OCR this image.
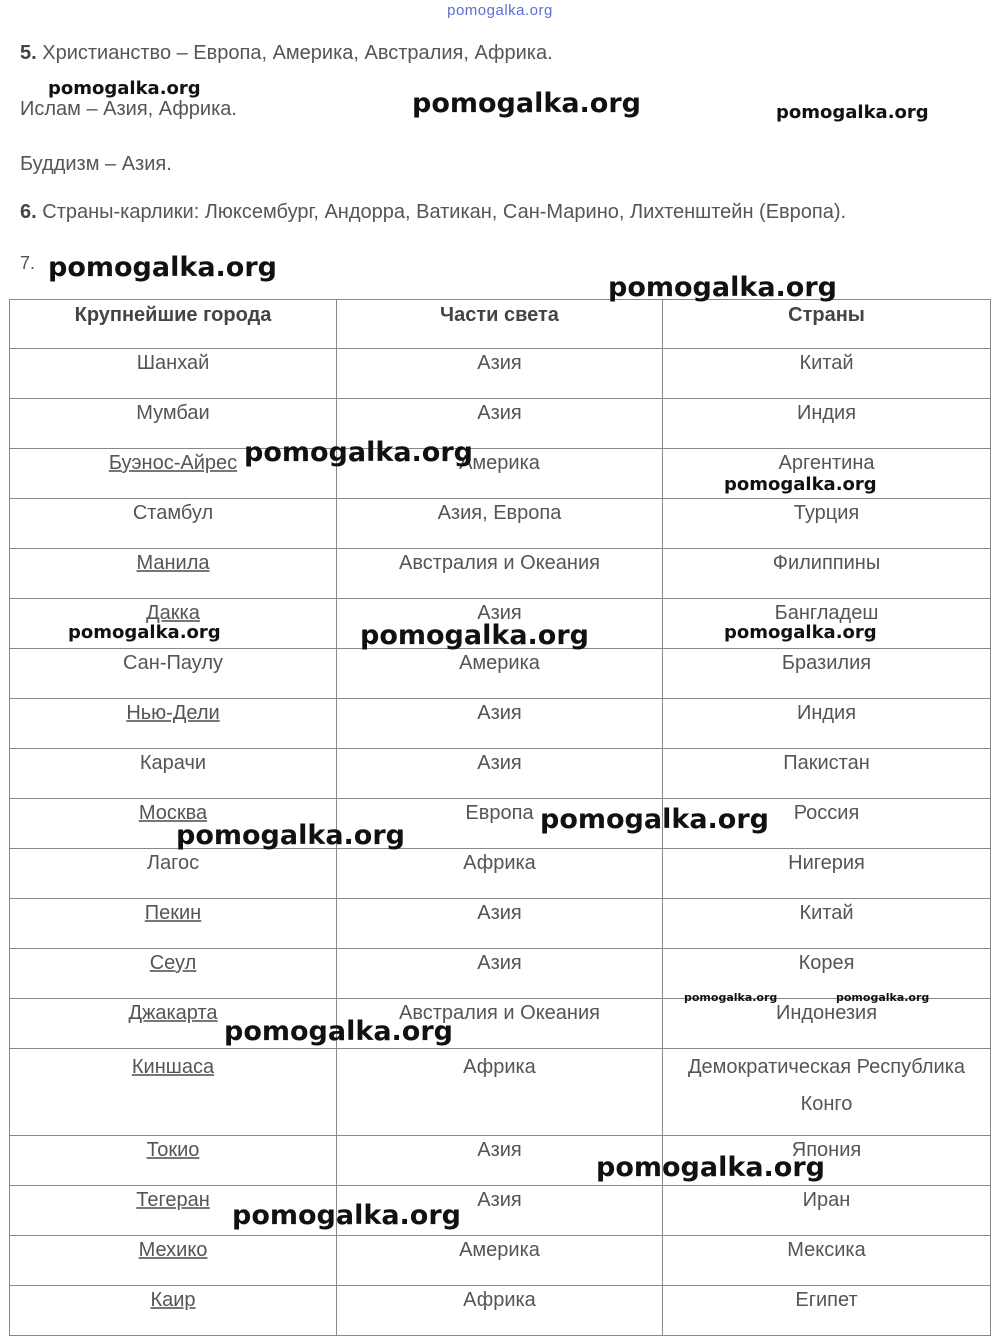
pomogalka.org
5. Христианство – Европа, Америка, Австралия, Африка.
Ислам – Азия, Африка.
Буддизм – Азия.
6. Страны-карлики: Люксембург, Андорра, Ватикан, Сан-Марино, Лихтенштейн (Европа).
7.
Крупнейшие города	Части света	Страны
Шанхай	Азия	Китай
Мумбаи	Азия	Индия
Буэнос-Айрес	Америка	Аргентина
Стамбул	Азия, Европа	Турция
Манила	Австралия и Океания	Филиппины
Дакка	Азия	Бангладеш
Сан-Паулу	Америка	Бразилия
Нью-Дели	Азия	Индия
Карачи	Азия	Пакистан
Москва	Европа	Россия
Лагос	Африка	Нигерия
Пекин	Азия	Китай
Сеул	Азия	Корея
Джакарта	Австралия и Океания	Индонезия
Киншаса	Африка	Демократическая Республика
Конго

Токио	Азия	Япония
Тегеран	Азия	Иран
Мехико	Америка	Мексика
Каир	Африка	Египет
pomogalka.org	pomogalka.org	pomogalka.org
pomogalka.org
pomogalka.org
pomogalka.org
pomogalka.org
pomogalka.org	pomogalka.org	pomogalka.org
pomogalka.org
pomogalka.org
pomogalka.org	pomogalka.org
pomogalka.org
pomogalka.org
pomogalka.org
